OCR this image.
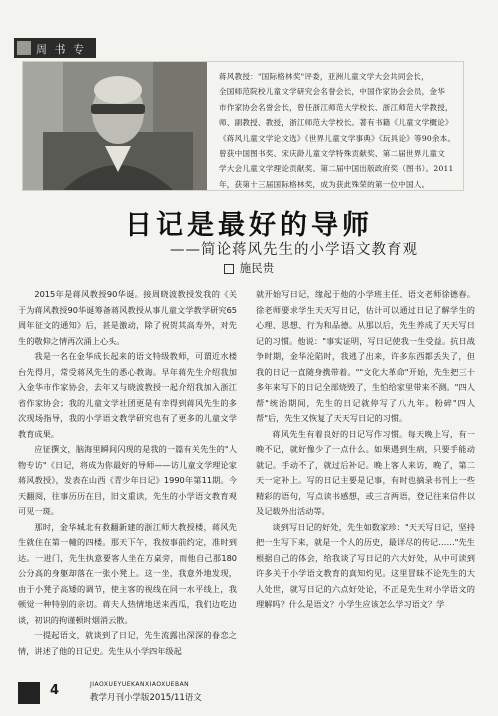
周 书 专
蒋风教授："国际格林奖"评委，亚洲儿童文学大会共同会长，
全国师范院校儿童文学研究会名誉会长，中国作家协会会员，金华
市作家协会名誉会长，曾任浙江师范大学校长、浙江师范大学教授，
师、副教授、教授，浙江师范大学校长。著有书籍《儿童文学概论》
《蒋风儿童文学论文选》《世界儿童文学事典》《玩具论》等90余本。
曾获中国图书奖、宋庆龄儿童文学特殊贡献奖、第二届世界儿童文
学大会儿童文学理论贡献奖、第二届中国出版政府奖（图书）。2011
年，获第十三届国际格林奖，成为获此殊荣的第一位中国人。
日记是最好的导师
——简论蒋风先生的小学语文教育观
施民贵

2015年是蒋风教授90华诞。接周晓波教授发我的《关于为蒋风教授90华诞筹备蒋风教授从事儿童文学教学研究65周年征文的通知》后，甚是激动，除了祝贺其高寿外，对先生的敬仰之情再次涌上心头。

我是一名在金华成长起来的语文特级教师，可谓近水楼台先得月，常受蒋风先生的悉心教诲。早年蒋先生介绍我加入金华市作家协会，去年又与晓波教授一起介绍我加入浙江省作家协会；我的儿童文学社团更是有幸得到蒋风先生的多次现场指导，我的小学语文教学研究也有了更多的儿童文学教育成果。

应征撰文，脑海里瞬间闪现的是我的一篇有关先生的"人物专访"《日记，将成为你最好的导师——访儿童文学理论家蒋风教授》，发表在山西《青少年日记》1990年第11期。今天翻阅，往事历历在目，旧文重读，先生的小学语文教育观可见一斑。

那时，金华城北有救翻新建的浙江师大教授楼，蒋风先生就住在第一幢的四楼。那天下午，我按事前约定，准时到达。一进门，先生执意要客人坐在方桌旁，而他自己那180公分高的身躯却落在一张小凳上。这一坐，我意外地发现，由于小凳子高矮的调节，使主客的视线在同一水平线上，我顿觉一种特别的亲切。蒋夫人热情地送来西瓜，我们边吃边谈，初识的拘谨顿时烟消云散。

一提起语文，就谈到了日记，先生流露出深深的眷恋之情，讲述了他的日记史。先生从小学四年级起

就开始写日记，缘起于他的小学班主任、语文老师徐德春。徐老师要求学生天天写日记，估计可以通过日记了解学生的心理、思想、行为和品德。从那以后，先生养成了天天写日记的习惯。他说："事实证明，写日记使我一生受益。抗日战争时期，金华沦陷时，我逃了出来，许多东西都丢失了，但我的日记一直随身携带着。""文化大革命"开始，先生把三十多年来写下的日记全部烧毁了，生怕给家里带来不测。"四人帮"统治期间，先生的日记就停写了八九年。粉碎"四人帮"后，先生又恢复了天天写日记的习惯。

蒋风先生有着良好的日记写作习惯。每天晚上写，有一晚不记，就好像少了一点什么。如果遇到生病，只要手能动就记。手动不了，就过后补记。晚上客人来访，晚了，第二天一定补上。写的日记主要是记事，有时也摘录书刊上一些精彩的语句，写点读书感想，或三言两语，登记往来信件以及记载外出活动等。

谈到写日记的好处，先生如数家珍："天天写日记，坚持把一生写下来，就是一个人的历史，最详尽的传记……"先生根据自己的体会，给我谈了写日记的六大好处，从中可读到许多关于小学语文教育的真知灼见。这里冒昧不论先生的大人处世，就写日记的六点好处论，不正是先生对小学语文的理解吗？什么是语文？小学生应该怎么学习语文？学

4	JIAOXUEYUEKANXIAOXUEBAN
教学月刊小学版2015/11语文
